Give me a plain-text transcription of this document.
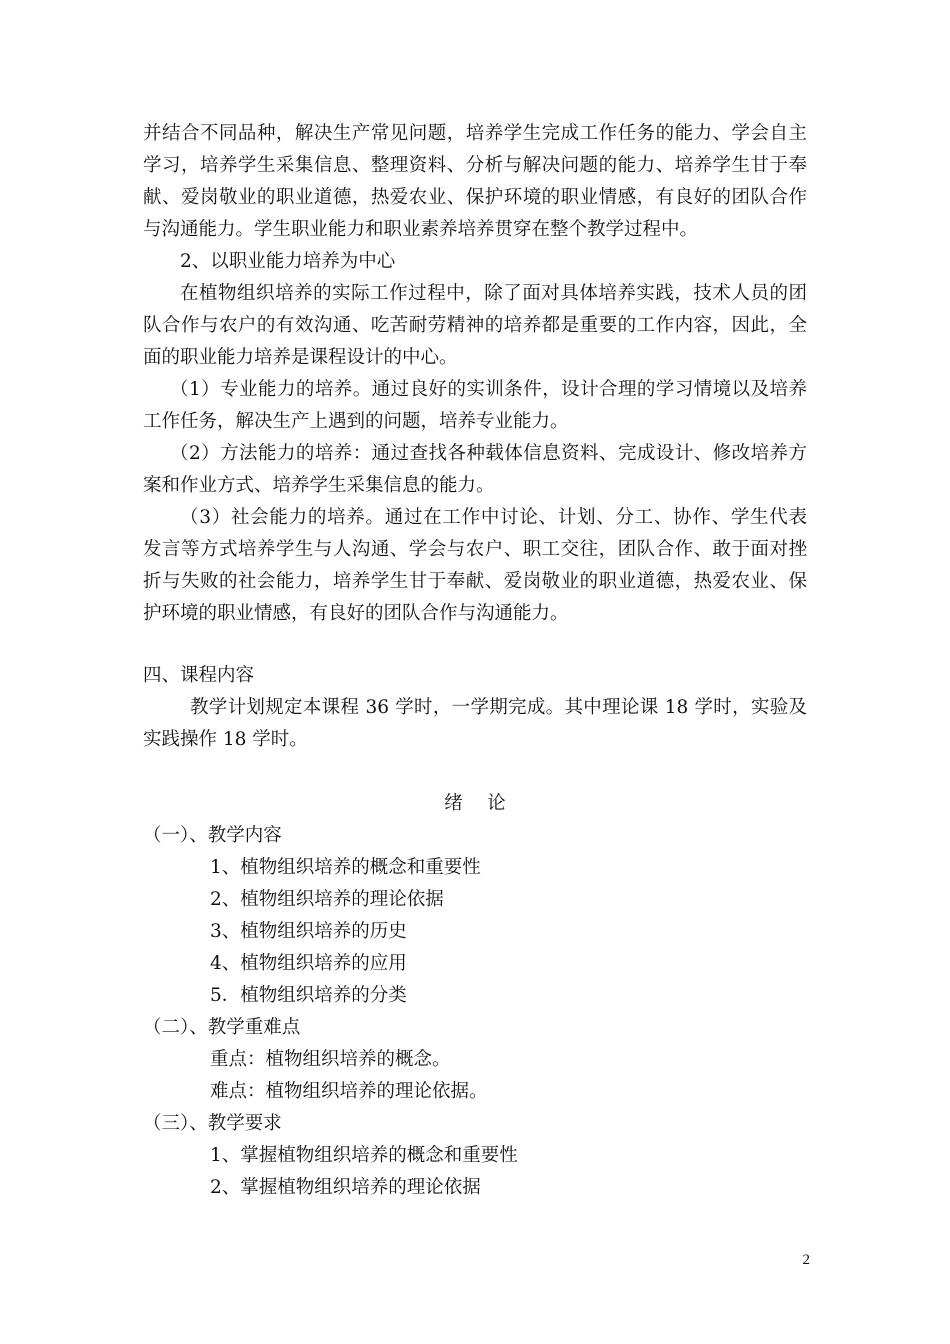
并结合不同品种，解决生产常见问题，培养学生完成工作任务的能力、学会自主
学习，培养学生采集信息、整理资料、分析与解决问题的能力、培养学生甘于奉
献、爱岗敬业的职业道德，热爱农业、保护环境的职业情感，有良好的团队合作
与沟通能力。学生职业能力和职业素养培养贯穿在整个教学过程中。
2、以职业能力培养为中心
在植物组织培养的实际工作过程中，除了面对具体培养实践，技术人员的团
队合作与农户的有效沟通、吃苦耐劳精神的培养都是重要的工作内容，因此，全
面的职业能力培养是课程设计的中心。
（1）专业能力的培养。通过良好的实训条件，设计合理的学习情境以及培养
工作任务，解决生产上遇到的问题，培养专业能力。
（2）方法能力的培养：通过查找各种载体信息资料、完成设计、修改培养方
案和作业方式、培养学生采集信息的能力。
（3）社会能力的培养。通过在工作中讨论、计划、分工、协作、学生代表
发言等方式培养学生与人沟通、学会与农户、职工交往，团队合作、敢于面对挫
折与失败的社会能力，培养学生甘于奉献、爱岗敬业的职业道德，热爱农业、保
护环境的职业情感，有良好的团队合作与沟通能力。
四、课程内容
教学计划规定本课程 36 学时，一学期完成。其中理论课 18 学时，实验及
实践操作 18 学时。
绪　 论
（一）、教学内容
1、植物组织培养的概念和重要性
2、植物组织培养的理论依据
3、植物组织培养的历史
4、植物组织培养的应用
5．植物组织培养的分类
（二）、教学重难点
重点：植物组织培养的概念。
难点：植物组织培养的理论依据。
（三）、教学要求
1、掌握植物组织培养的概念和重要性
2、掌握植物组织培养的理论依据
2
